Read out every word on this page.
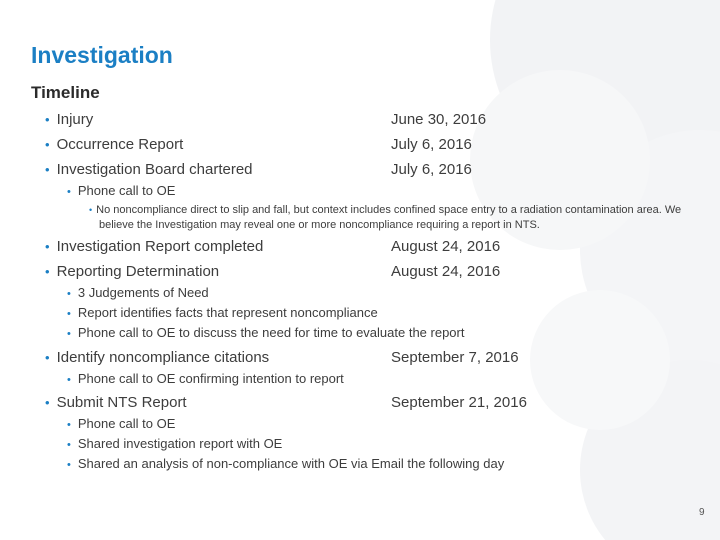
Investigation
Timeline
• Injury	June 30, 2016
• Occurrence Report	July 6, 2016
• Investigation Board chartered	July 6, 2016
• Phone call to OE
• No noncompliance direct to slip and fall, but context includes confined space entry to a radiation contamination area. We believe the Investigation may reveal one or more noncompliance requiring a report in NTS.
• Investigation Report completed	August 24, 2016
• Reporting Determination	August 24, 2016
• 3 Judgements of Need
• Report identifies facts that represent noncompliance
• Phone call to OE to discuss the need for time to evaluate the report
• Identify noncompliance citations	September 7, 2016
• Phone call to OE confirming intention to report
• Submit NTS Report	September 21, 2016
• Phone call to OE
• Shared investigation report with OE
• Shared an analysis of non-compliance with OE via Email the following day
9
